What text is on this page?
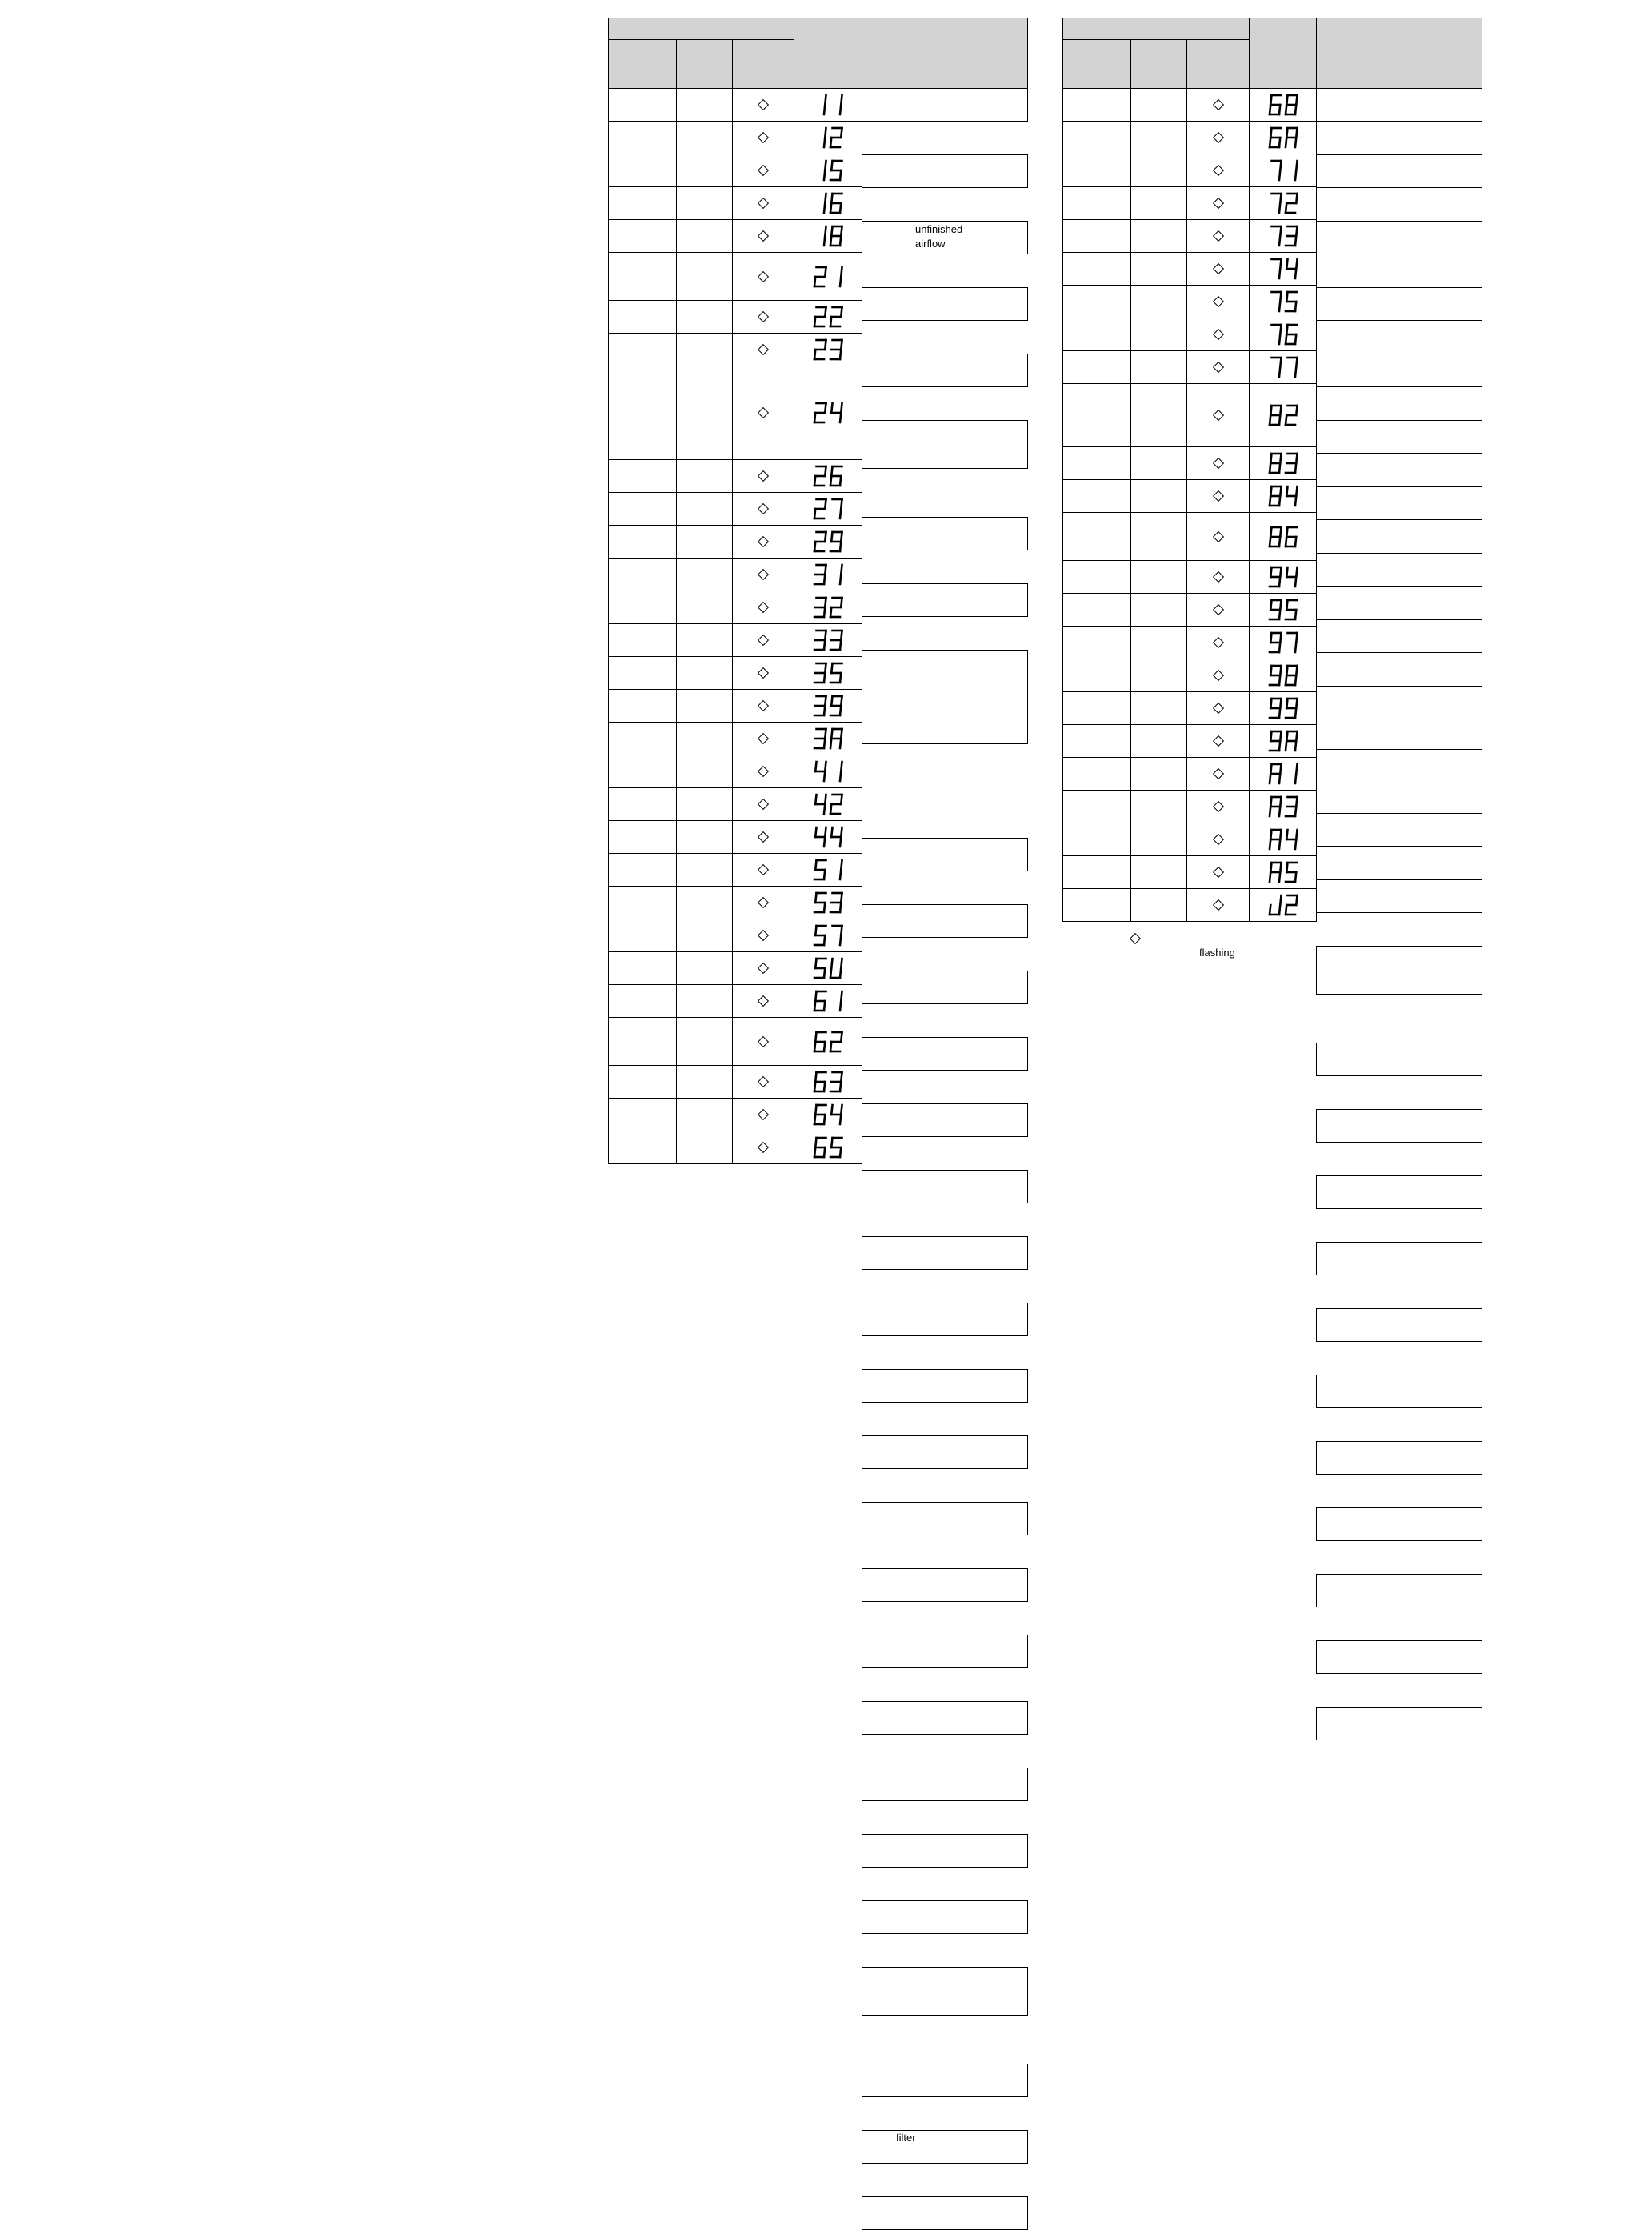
unfinished
airflow
filter
flashing
